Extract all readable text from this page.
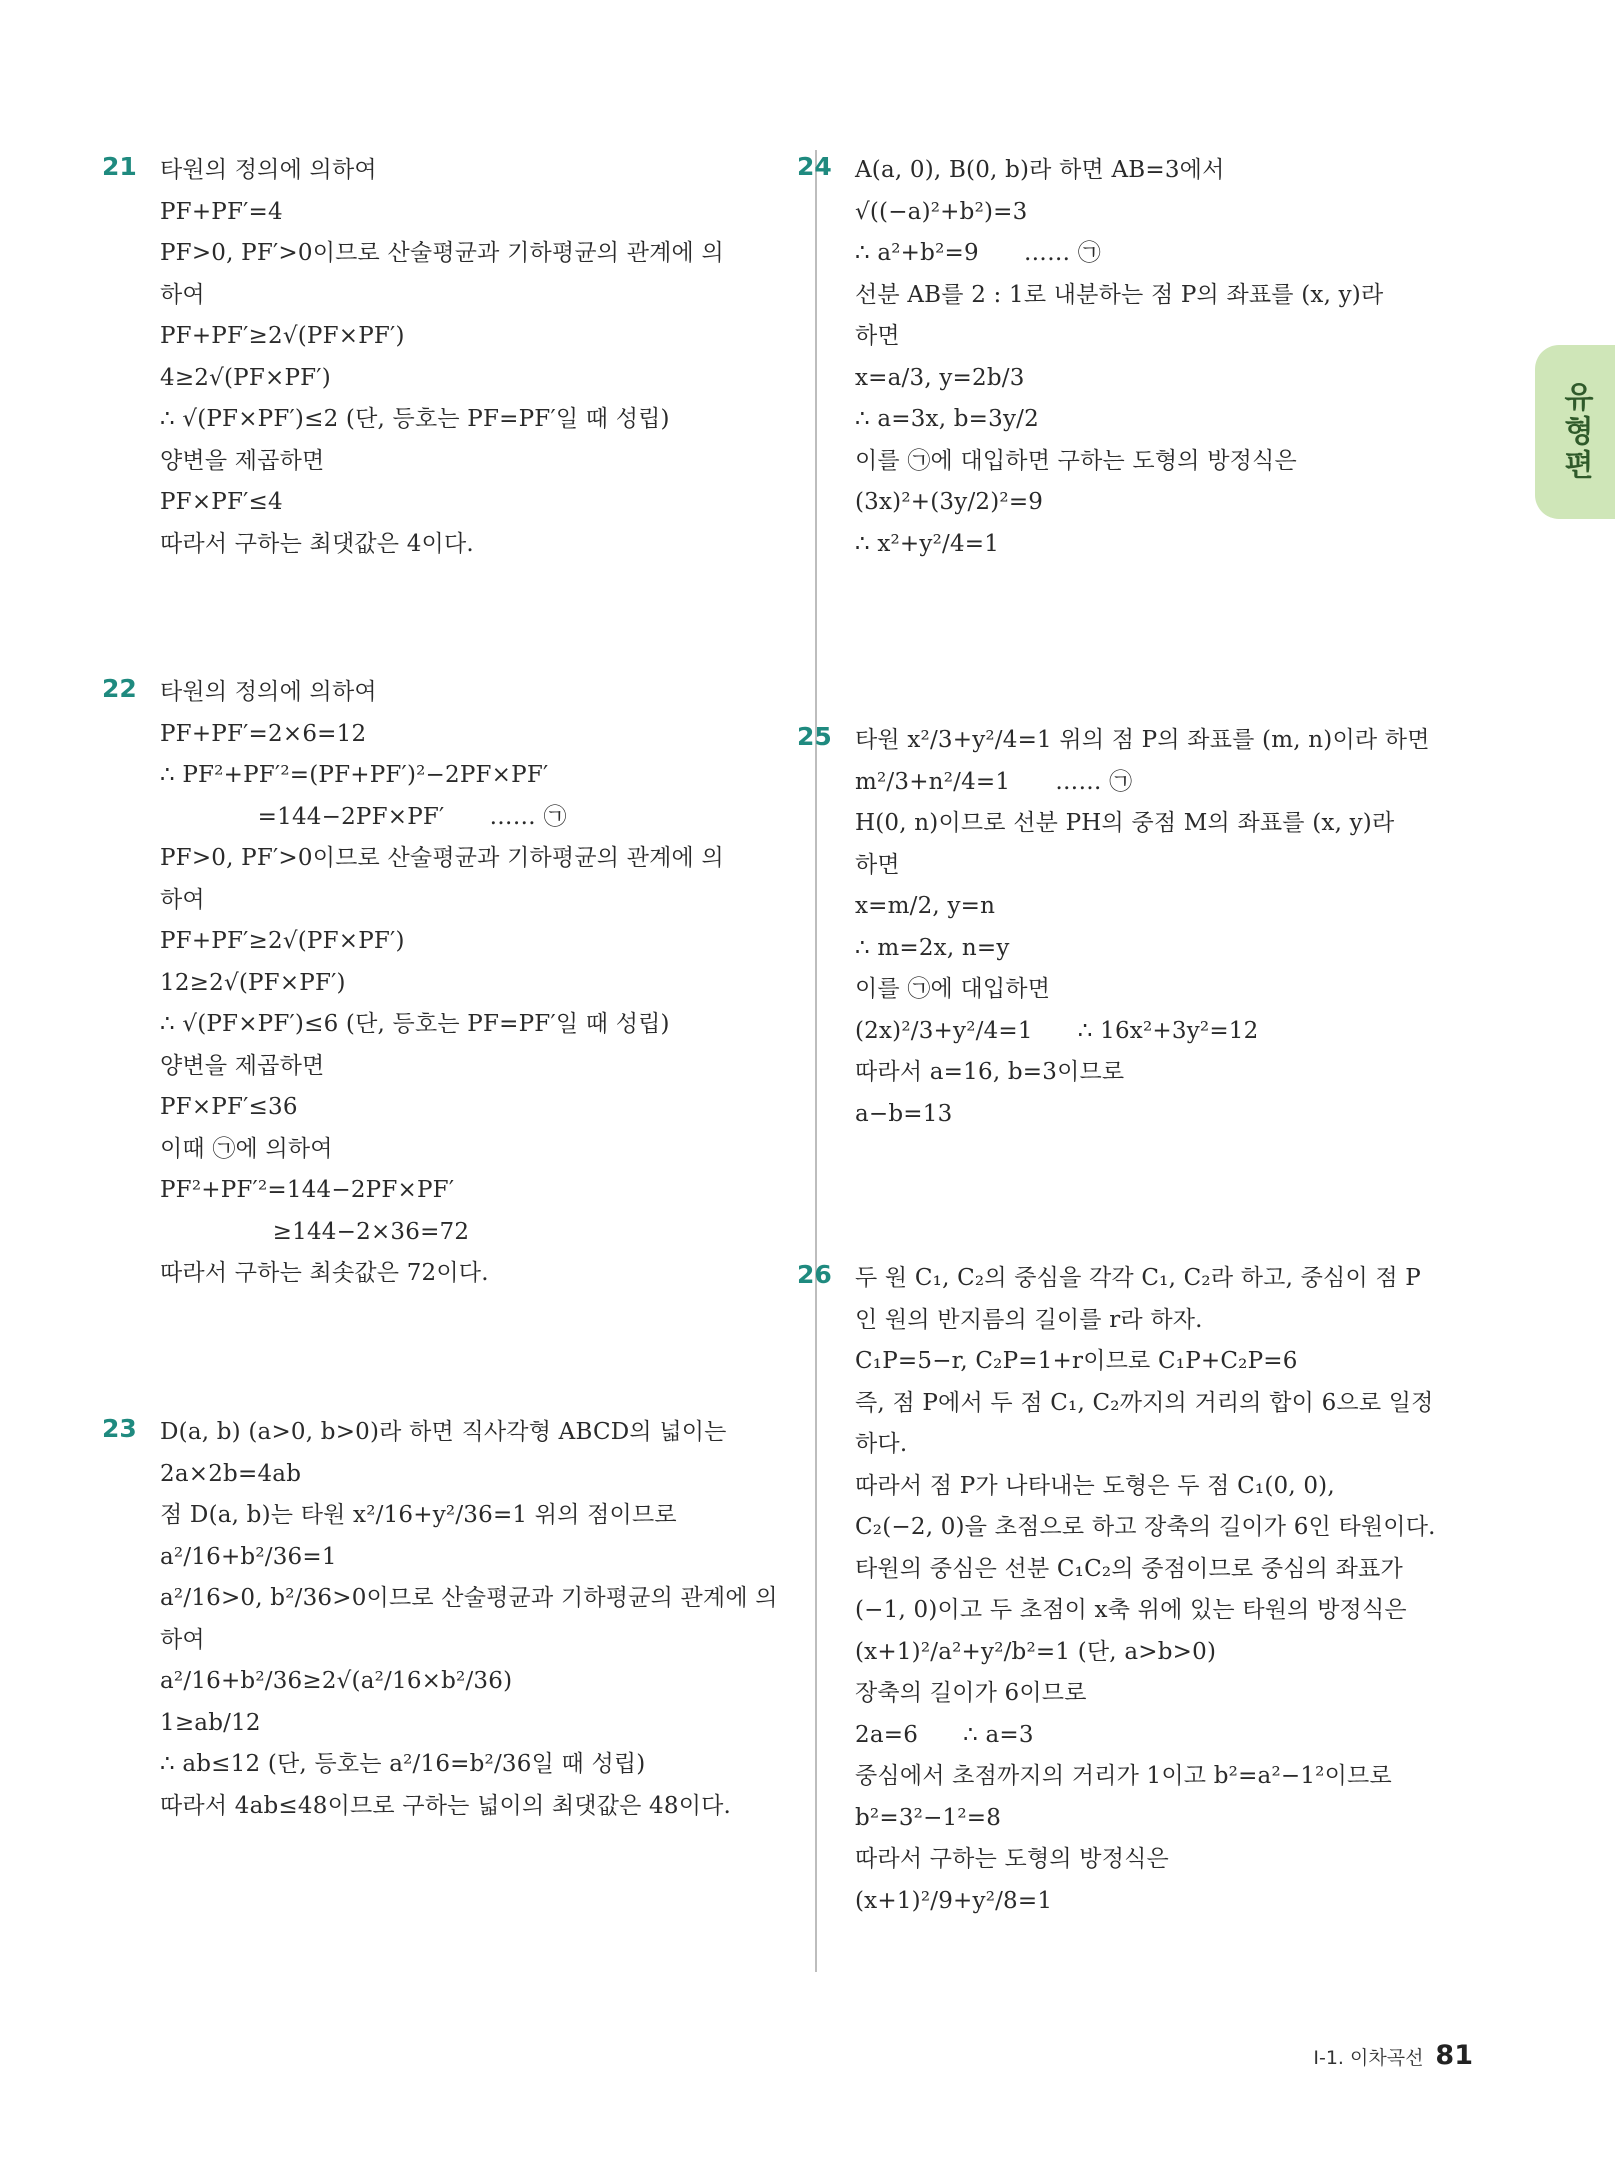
21 타원의 정의에 의하여
PF+PF′=4
PF>0, PF′>0이므로 산술평균과 기하평균의 관계에 의
하여
PF+PF′≥2√(PF×PF′)
4≥2√(PF×PF′)
∴ √(PF×PF′)≤2 (단, 등호는 PF=PF′일 때 성립)
양변을 제곱하면
PF×PF′≤4
따라서 구하는 최댓값은 4이다.
22 타원의 정의에 의하여
PF+PF′=2×6=12
∴ PF²+PF′²=(PF+PF′)²−2PF×PF′
=144−2PF×PF′      …… ㉠
PF>0, PF′>0이므로 산술평균과 기하평균의 관계에 의
하여
PF+PF′≥2√(PF×PF′)
12≥2√(PF×PF′)
∴ √(PF×PF′)≤6 (단, 등호는 PF=PF′일 때 성립)
양변을 제곱하면
PF×PF′≤36
이때 ㉠에 의하여
PF²+PF′²=144−2PF×PF′
≥144−2×36=72
따라서 구하는 최솟값은 72이다.
23 D(a, b) (a>0, b>0)라 하면 직사각형 ABCD의 넓이는
2a×2b=4ab
점 D(a, b)는 타원 x²/16+y²/36=1 위의 점이므로
a²/16+b²/36=1
a²/16>0, b²/36>0이므로 산술평균과 기하평균의 관계에 의
하여
a²/16+b²/36≥2√(a²/16×b²/36)
1≥ab/12
∴ ab≤12 (단, 등호는 a²/16=b²/36일 때 성립)
따라서 4ab≤48이므로 구하는 넓이의 최댓값은 48이다.
24 A(a, 0), B(0, b)라 하면 AB=3에서
√((−a)²+b²)=3
∴ a²+b²=9      …… ㉠
선분 AB를 2 : 1로 내분하는 점 P의 좌표를 (x, y)라
하면
x=a/3, y=2b/3
∴ a=3x, b=3y/2
이를 ㉠에 대입하면 구하는 도형의 방정식은
(3x)²+(3y/2)²=9
∴ x²+y²/4=1
25 타원 x²/3+y²/4=1 위의 점 P의 좌표를 (m, n)이라 하면
m²/3+n²/4=1      …… ㉠
H(0, n)이므로 선분 PH의 중점 M의 좌표를 (x, y)라
하면
x=m/2, y=n
∴ m=2x, n=y
이를 ㉠에 대입하면
(2x)²/3+y²/4=1      ∴ 16x²+3y²=12
따라서 a=16, b=3이므로
a−b=13
26 두 원 C₁, C₂의 중심을 각각 C₁, C₂라 하고, 중심이 점 P
인 원의 반지름의 길이를 r라 하자.
C₁P=5−r, C₂P=1+r이므로 C₁P+C₂P=6
즉, 점 P에서 두 점 C₁, C₂까지의 거리의 합이 6으로 일정
하다.
따라서 점 P가 나타내는 도형은 두 점 C₁(0, 0),
C₂(−2, 0)을 초점으로 하고 장축의 길이가 6인 타원이다.
타원의 중심은 선분 C₁C₂의 중점이므로 중심의 좌표가
(−1, 0)이고 두 초점이 x축 위에 있는 타원의 방정식은
(x+1)²/a²+y²/b²=1 (단, a>b>0)
장축의 길이가 6이므로
2a=6      ∴ a=3
중심에서 초점까지의 거리가 1이고 b²=a²−1²이므로
b²=3²−1²=8
따라서 구하는 도형의 방정식은
(x+1)²/9+y²/8=1
유형편
Ⅰ-1. 이차곡선 81
